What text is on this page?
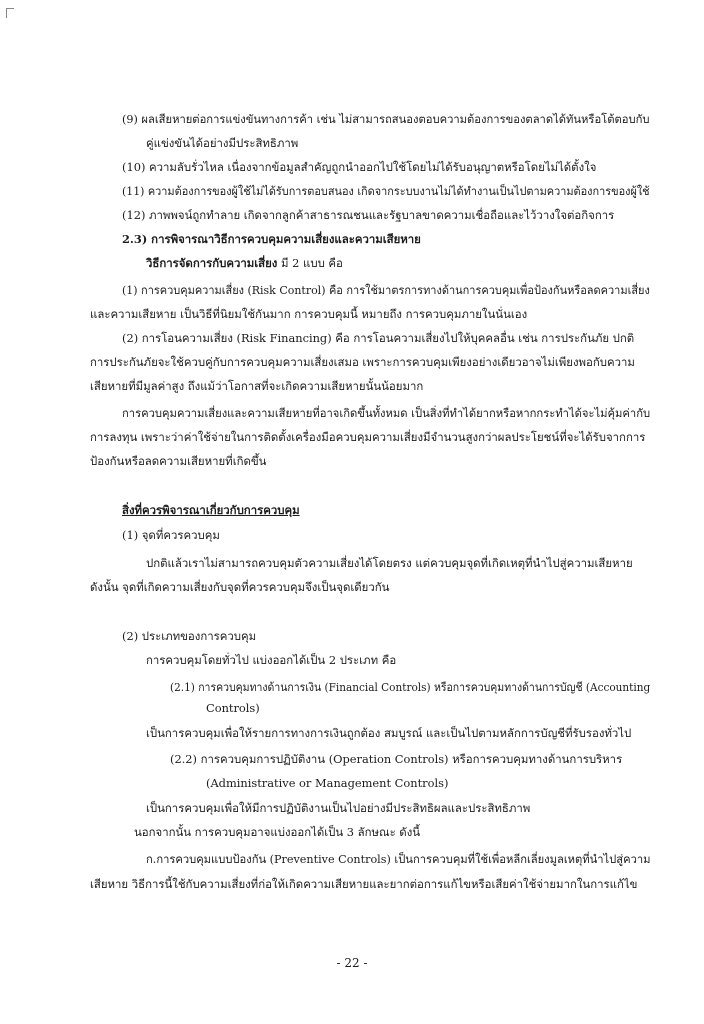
(9) ผลเสียหายต่อการแข่งขันทางการค้า เช่น ไม่สามารถสนองตอบความต้องการของตลาดได้ทันหรือโต้ตอบกับ
คู่แข่งขันได้อย่างมีประสิทธิภาพ
(10) ความลับรั่วไหล เนื่องจากข้อมูลสำคัญถูกนำออกไปใช้โดยไม่ได้รับอนุญาตหรือโดยไม่ได้ตั้งใจ
(11) ความต้องการของผู้ใช้ไม่ได้รับการตอบสนอง เกิดจากระบบงานไม่ได้ทำงานเป็นไปตามความต้องการของผู้ใช้
(12) ภาพพจน์ถูกทำลาย เกิดจากลูกค้าสาธารณชนและรัฐบาลขาดความเชื่อถือและไว้วางใจต่อกิจการ
2.3) การพิจารณาวิธีการควบคุมความเสี่ยงและความเสียหาย
วิธีการจัดการกับความเสี่ยง มี 2 แบบ คือ
(1) การควบคุมความเสี่ยง (Risk Control) คือ การใช้มาตรการทางด้านการควบคุมเพื่อป้องกันหรือลดความเสี่ยง
และความเสียหาย เป็นวิธีที่นิยมใช้กันมาก การควบคุมนี้ หมายถึง การควบคุมภายในนั่นเอง
(2) การโอนความเสี่ยง (Risk Financing) คือ การโอนความเสี่ยงไปให้บุคคลอื่น เช่น การประกันภัย ปกติ
การประกันภัยจะใช้ควบคู่กับการควบคุมความเสี่ยงเสมอ เพราะการควบคุมเพียงอย่างเดียวอาจไม่เพียงพอกับความ
เสียหายที่มีมูลค่าสูง ถึงแม้ว่าโอกาสที่จะเกิดความเสียหายนั้นน้อยมาก
การควบคุมความเสี่ยงและความเสียหายที่อาจเกิดขึ้นทั้งหมด เป็นสิ่งที่ทำได้ยากหรือหากกระทำได้จะไม่คุ้มค่ากับ
การลงทุน เพราะว่าค่าใช้จ่ายในการติดตั้งเครื่องมือควบคุมความเสี่ยงมีจำนวนสูงกว่าผลประโยชน์ที่จะได้รับจากการ
ป้องกันหรือลดความเสียหายที่เกิดขึ้น
สิ่งที่ควรพิจารณาเกี่ยวกับการควบคุม
(1) จุดที่ควรควบคุม
ปกติแล้วเราไม่สามารถควบคุมตัวความเสี่ยงได้โดยตรง แต่ควบคุมจุดที่เกิดเหตุที่นำไปสู่ความเสียหาย
ดังนั้น จุดที่เกิดความเสี่ยงกับจุดที่ควรควบคุมจึงเป็นจุดเดียวกัน
(2) ประเภทของการควบคุม
การควบคุมโดยทั่วไป แบ่งออกได้เป็น 2 ประเภท คือ
(2.1) การควบคุมทางด้านการเงิน (Financial Controls) หรือการควบคุมทางด้านการบัญชี (Accounting
Controls)
เป็นการควบคุมเพื่อให้รายการทางการเงินถูกต้อง สมบูรณ์ และเป็นไปตามหลักการบัญชีที่รับรองทั่วไป
(2.2) การควบคุมการปฏิบัติงาน (Operation Controls) หรือการควบคุมทางด้านการบริหาร
(Administrative or Management Controls)
เป็นการควบคุมเพื่อให้มีการปฏิบัติงานเป็นไปอย่างมีประสิทธิผลและประสิทธิภาพ
นอกจากนั้น การควบคุมอาจแบ่งออกได้เป็น 3 ลักษณะ ดังนี้
ก.การควบคุมแบบป้องกัน (Preventive Controls) เป็นการควบคุมที่ใช้เพื่อหลีกเลี่ยงมูลเหตุที่นำไปสู่ความ
เสียหาย วิธีการนี้ใช้กับความเสี่ยงที่ก่อให้เกิดความเสียหายและยากต่อการแก้ไขหรือเสียค่าใช้จ่ายมากในการแก้ไข
- 22 -
